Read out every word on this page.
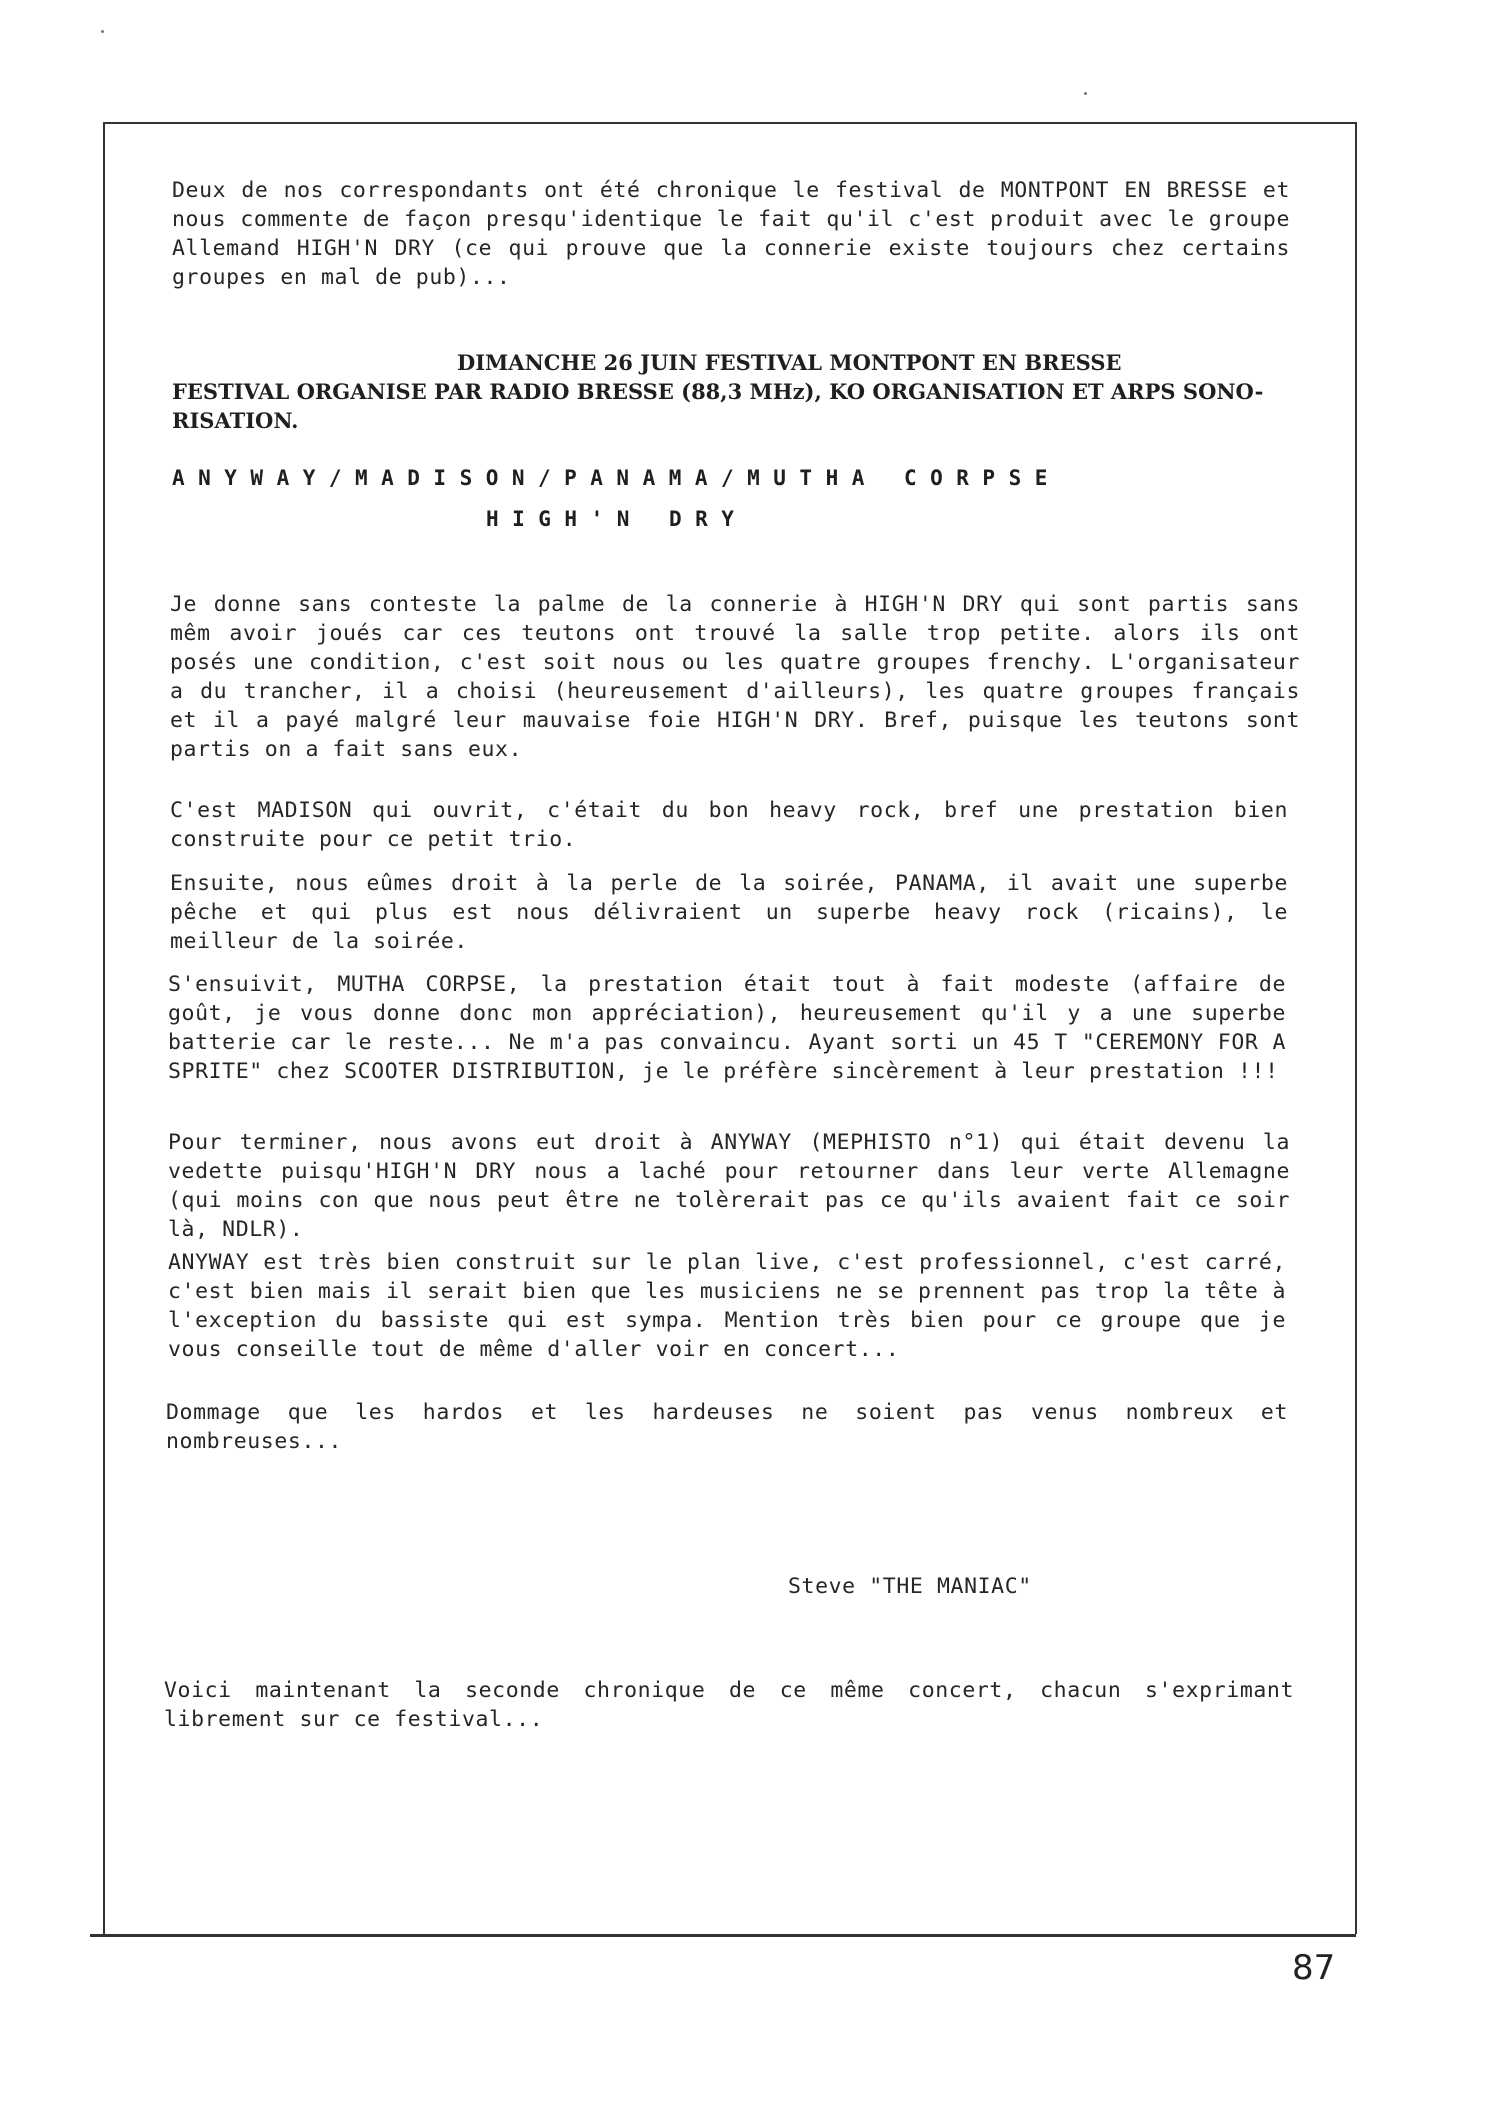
Deux de nos correspondants ont été chronique le festival de MONTPONT EN BRESSE et nous commente de façon presqu'identique le fait qu'il c'est produit avec le groupe Allemand HIGH'N DRY (ce qui prouve que la connerie existe toujours chez certains groupes en mal de pub)...

DIMANCHE 26 JUIN FESTIVAL MONTPONT EN BRESSE

FESTIVAL ORGANISE PAR RADIO BRESSE (88,3 MHz), KO ORGANISATION ET ARPS SONO-RISATION.

ANYWAY/MADISON/PANAMA/MUTHA CORPSE

HIGH'N DRY

Je donne sans conteste la palme de la connerie à HIGH'N DRY qui sont partis sans mêm avoir joués car ces teutons ont trouvé la salle trop petite. alors ils ont posés une condition, c'est soit nous ou les quatre groupes frenchy. L'organisateur a du trancher, il a choisi (heureusement d'ailleurs), les quatre groupes français et il a payé malgré leur mauvaise foie HIGH'N DRY. Bref, puisque les teutons sont partis on a fait sans eux.

C'est MADISON qui ouvrit, c'était du bon heavy rock, bref une prestation bien construite pour ce petit trio.

Ensuite, nous eûmes droit à la perle de la soirée, PANAMA, il avait une superbe pêche et qui plus est nous délivraient un superbe heavy rock (ricains), le meilleur de la soirée.

S'ensuivit, MUTHA CORPSE, la prestation était tout à fait modeste (affaire de goût, je vous donne donc mon appréciation), heureusement qu'il y a une superbe batterie car le reste... Ne m'a pas convaincu. Ayant sorti un 45 T "CEREMONY FOR A SPRITE" chez SCOOTER DISTRIBUTION, je le préfère sincèrement à leur prestation !!!

Pour terminer, nous avons eut droit à ANYWAY (MEPHISTO n°1) qui était devenu la vedette puisqu'HIGH'N DRY nous a laché pour retourner dans leur verte Allemagne (qui moins con que nous peut être ne tolèrerait pas ce qu'ils avaient fait ce soir là, NDLR).

ANYWAY est très bien construit sur le plan live, c'est professionnel, c'est carré, c'est bien mais il serait bien que les musiciens ne se prennent pas trop la tête à l'exception du bassiste qui est sympa. Mention très bien pour ce groupe que je vous conseille tout de même d'aller voir en concert...

Dommage que les hardos et les hardeuses ne soient pas venus nombreux et nombreuses...

Steve "THE MANIAC"

Voici maintenant la seconde chronique de ce même concert, chacun s'exprimant librement sur ce festival...

87
